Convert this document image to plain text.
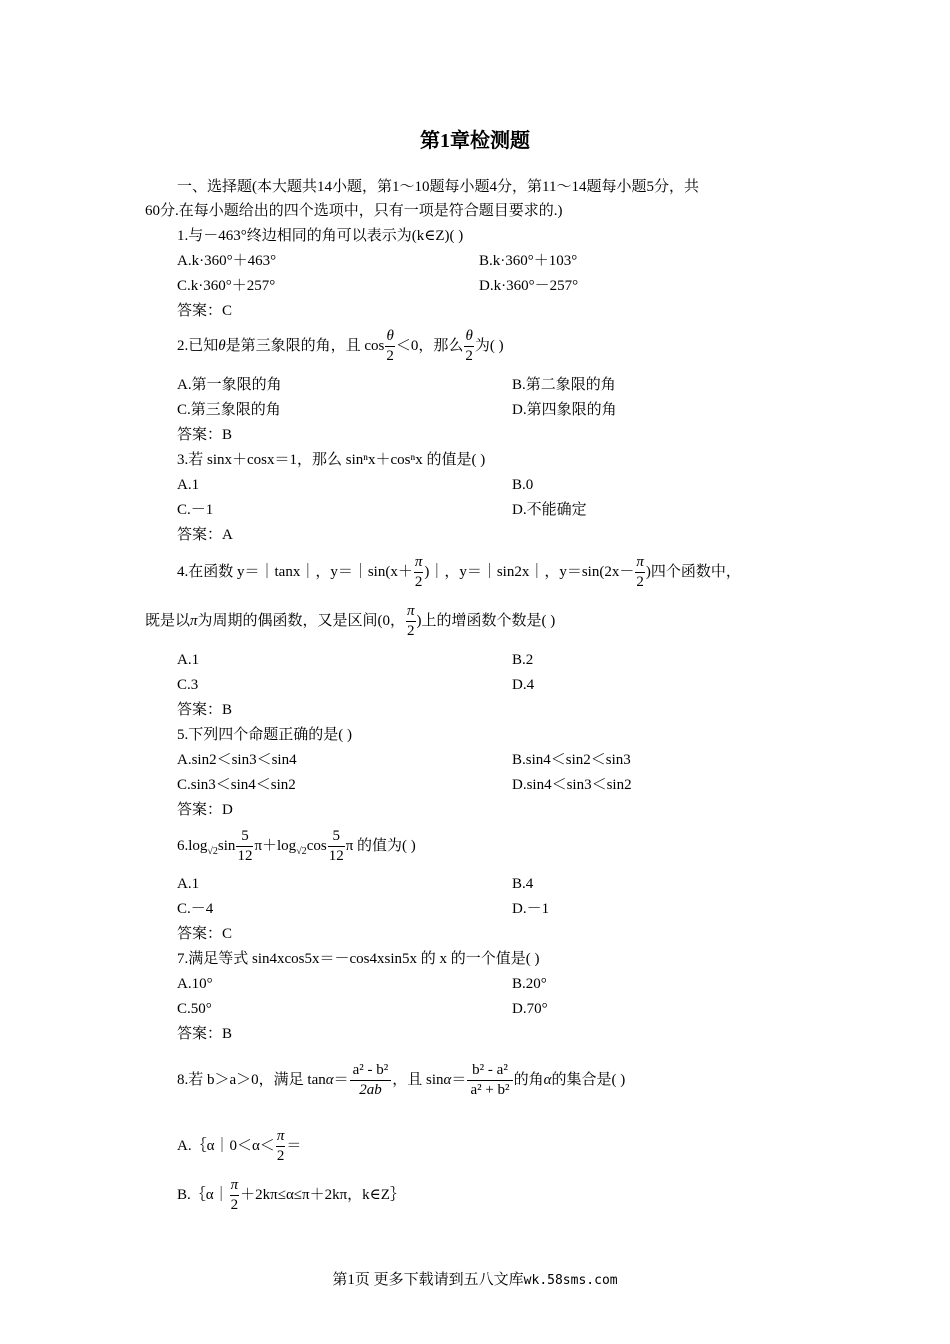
第1章检测题
一、选择题(本大题共14小题，第1～10题每小题4分，第11～14题每小题5分，共
60分.在每小题给出的四个选项中，只有一项是符合题目要求的.)
1.与－463°终边相同的角可以表示为(k∈Z)( )
A.k·360°＋463°	B.k·360°＋103°
C.k·360°＋257°	D.k·360°－257°
答案：C
2.已知θ是第三象限的角，且 $\cos \frac{\theta}{2} <0$，那么 $\frac{\theta}{2}$ 为( )
A.第一象限的角	B.第二象限的角
C.第三象限的角	D.第四象限的角
答案：B
3.若 sinx＋cosx＝1，那么 sinⁿx＋cosⁿx 的值是( )
A.1	B.0
C.－1	D.不能确定
答案：A
4.在函数 y＝｜tanx｜，y＝｜sin(x＋ $\frac{\pi}{2}$ )｜，y＝｜sin2x｜，$y=\sin(2x- \frac{\pi}{2}$ )四个函数中，
既是以π为周期的偶函数，又是区间(0， $\frac{\pi}{2}$ )上的增函数个数是( )
A.1	B.2
C.3	D.4
答案：B
5.下列四个命题正确的是( )
A.sin2＜sin3＜sin4	B.sin4＜sin2＜sin3
C.sin3＜sin4＜sin2	D.sin4＜sin3＜sin2
答案：D
$6.\log_{√2}\sin \frac{5}{12} \pi+\log_{√2}\cos \frac{5}{12}$ π 的值为( )
A.1	B.4
C.－4	D.－1
答案：C
7.满足等式 sin4xcos5x＝－cos4xsin5x 的 x 的一个值是( )
A.10°	B.20°
C.50°	D.70°
答案：B
8.若 b＞a＞0，满足 $\tan\alpha= \frac{\text{a² - b²}}{2ab}$ ，且 $\sin\alpha= \frac{\text{b² - a²}}{\text{a² + b²}}$ 的角α的集合是( )
A.｛α｜0＜α＜ $\frac{\pi}{2}$ ＝
B.｛α｜ $\frac{\pi}{2} +2k\pi\le\alpha\le\pi+2k\pi$，k∈Z｝
第1页 更多下载请到五八文库wk.58sms.com
